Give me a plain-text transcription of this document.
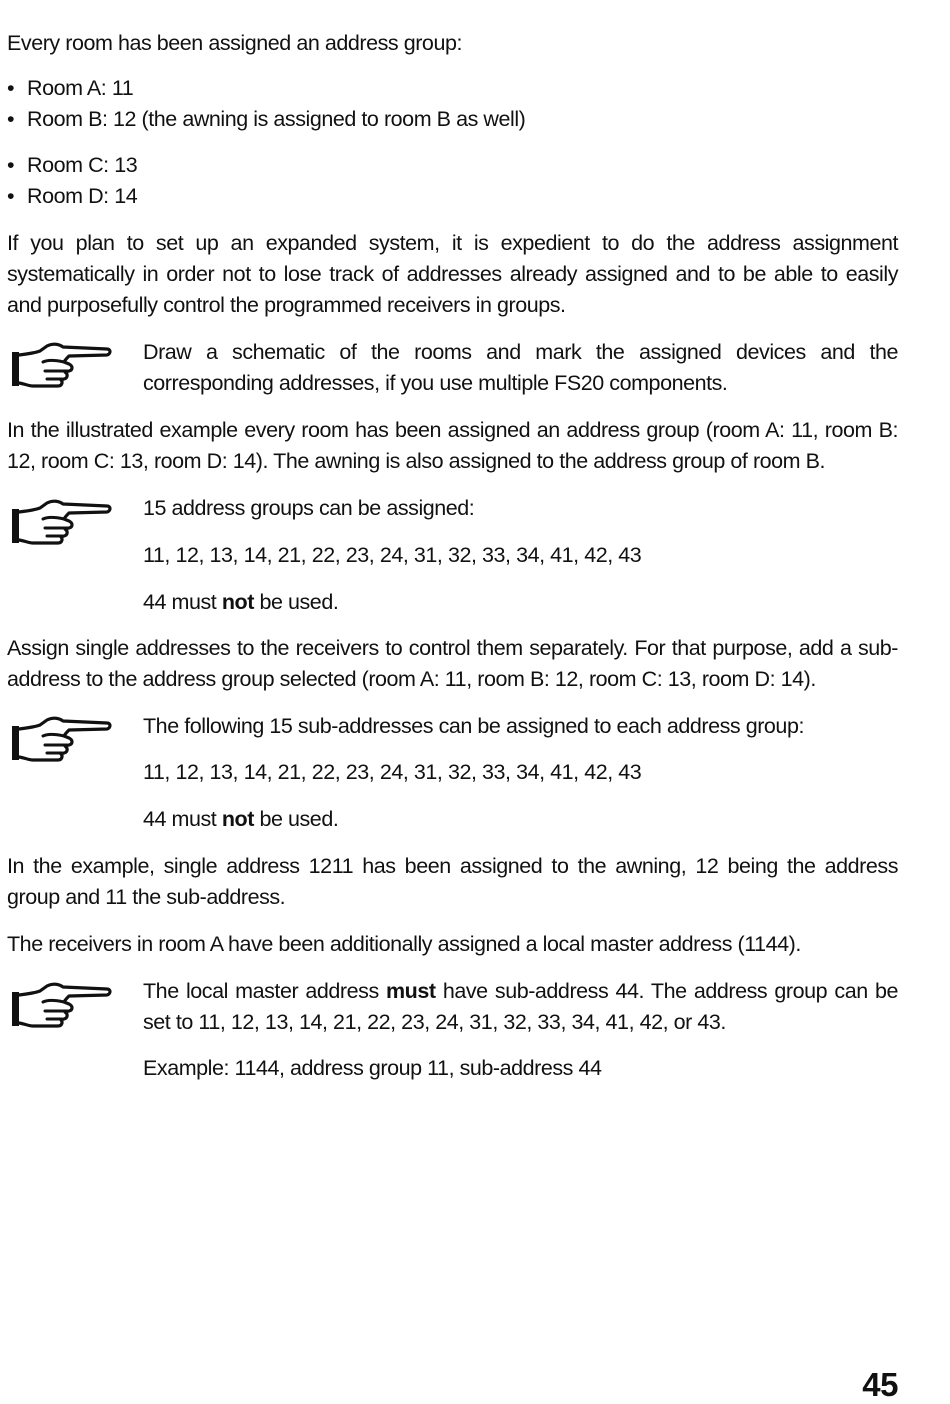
Every room has been assigned an address group:

• Room A: 11

• Room B: 12 (the awning is assigned to room B as well)

• Room C: 13

• Room D: 14

If you plan to set up an expanded system, it is expedient to do the address assignment systematically in order not to lose track of addresses already assigned and to be able to easily and purposefully control the programmed receivers in groups.

Draw a schematic of the rooms and mark the assigned devices and the corresponding addresses, if you use multiple FS20 components.

In the illustrated example every room has been assigned an address group (room A: 11, room B: 12, room C: 13, room D: 14). The awning is also assigned to the address group of room B.

15 address groups can be assigned:

11, 12, 13, 14, 21, 22, 23, 24, 31, 32, 33, 34, 41, 42, 43

44 must not be used.

Assign single addresses to the receivers to control them separately. For that purpose, add a sub-address to the address group selected (room A: 11, room B: 12, room C: 13, room D: 14).

The following 15 sub-addresses can be assigned to each address group:

11, 12, 13, 14, 21, 22, 23, 24, 31, 32, 33, 34, 41, 42, 43

44 must not be used.

In the example, single address 1211 has been assigned to the awning, 12 being the address group and 11 the sub-address.

The receivers in room A have been additionally assigned a local master address (1144).

The local master address must have sub-address 44. The address group can be set to 11, 12, 13, 14, 21, 22, 23, 24, 31, 32, 33, 34, 41, 42, or 43.

Example: 1144, address group 11, sub-address 44

45
